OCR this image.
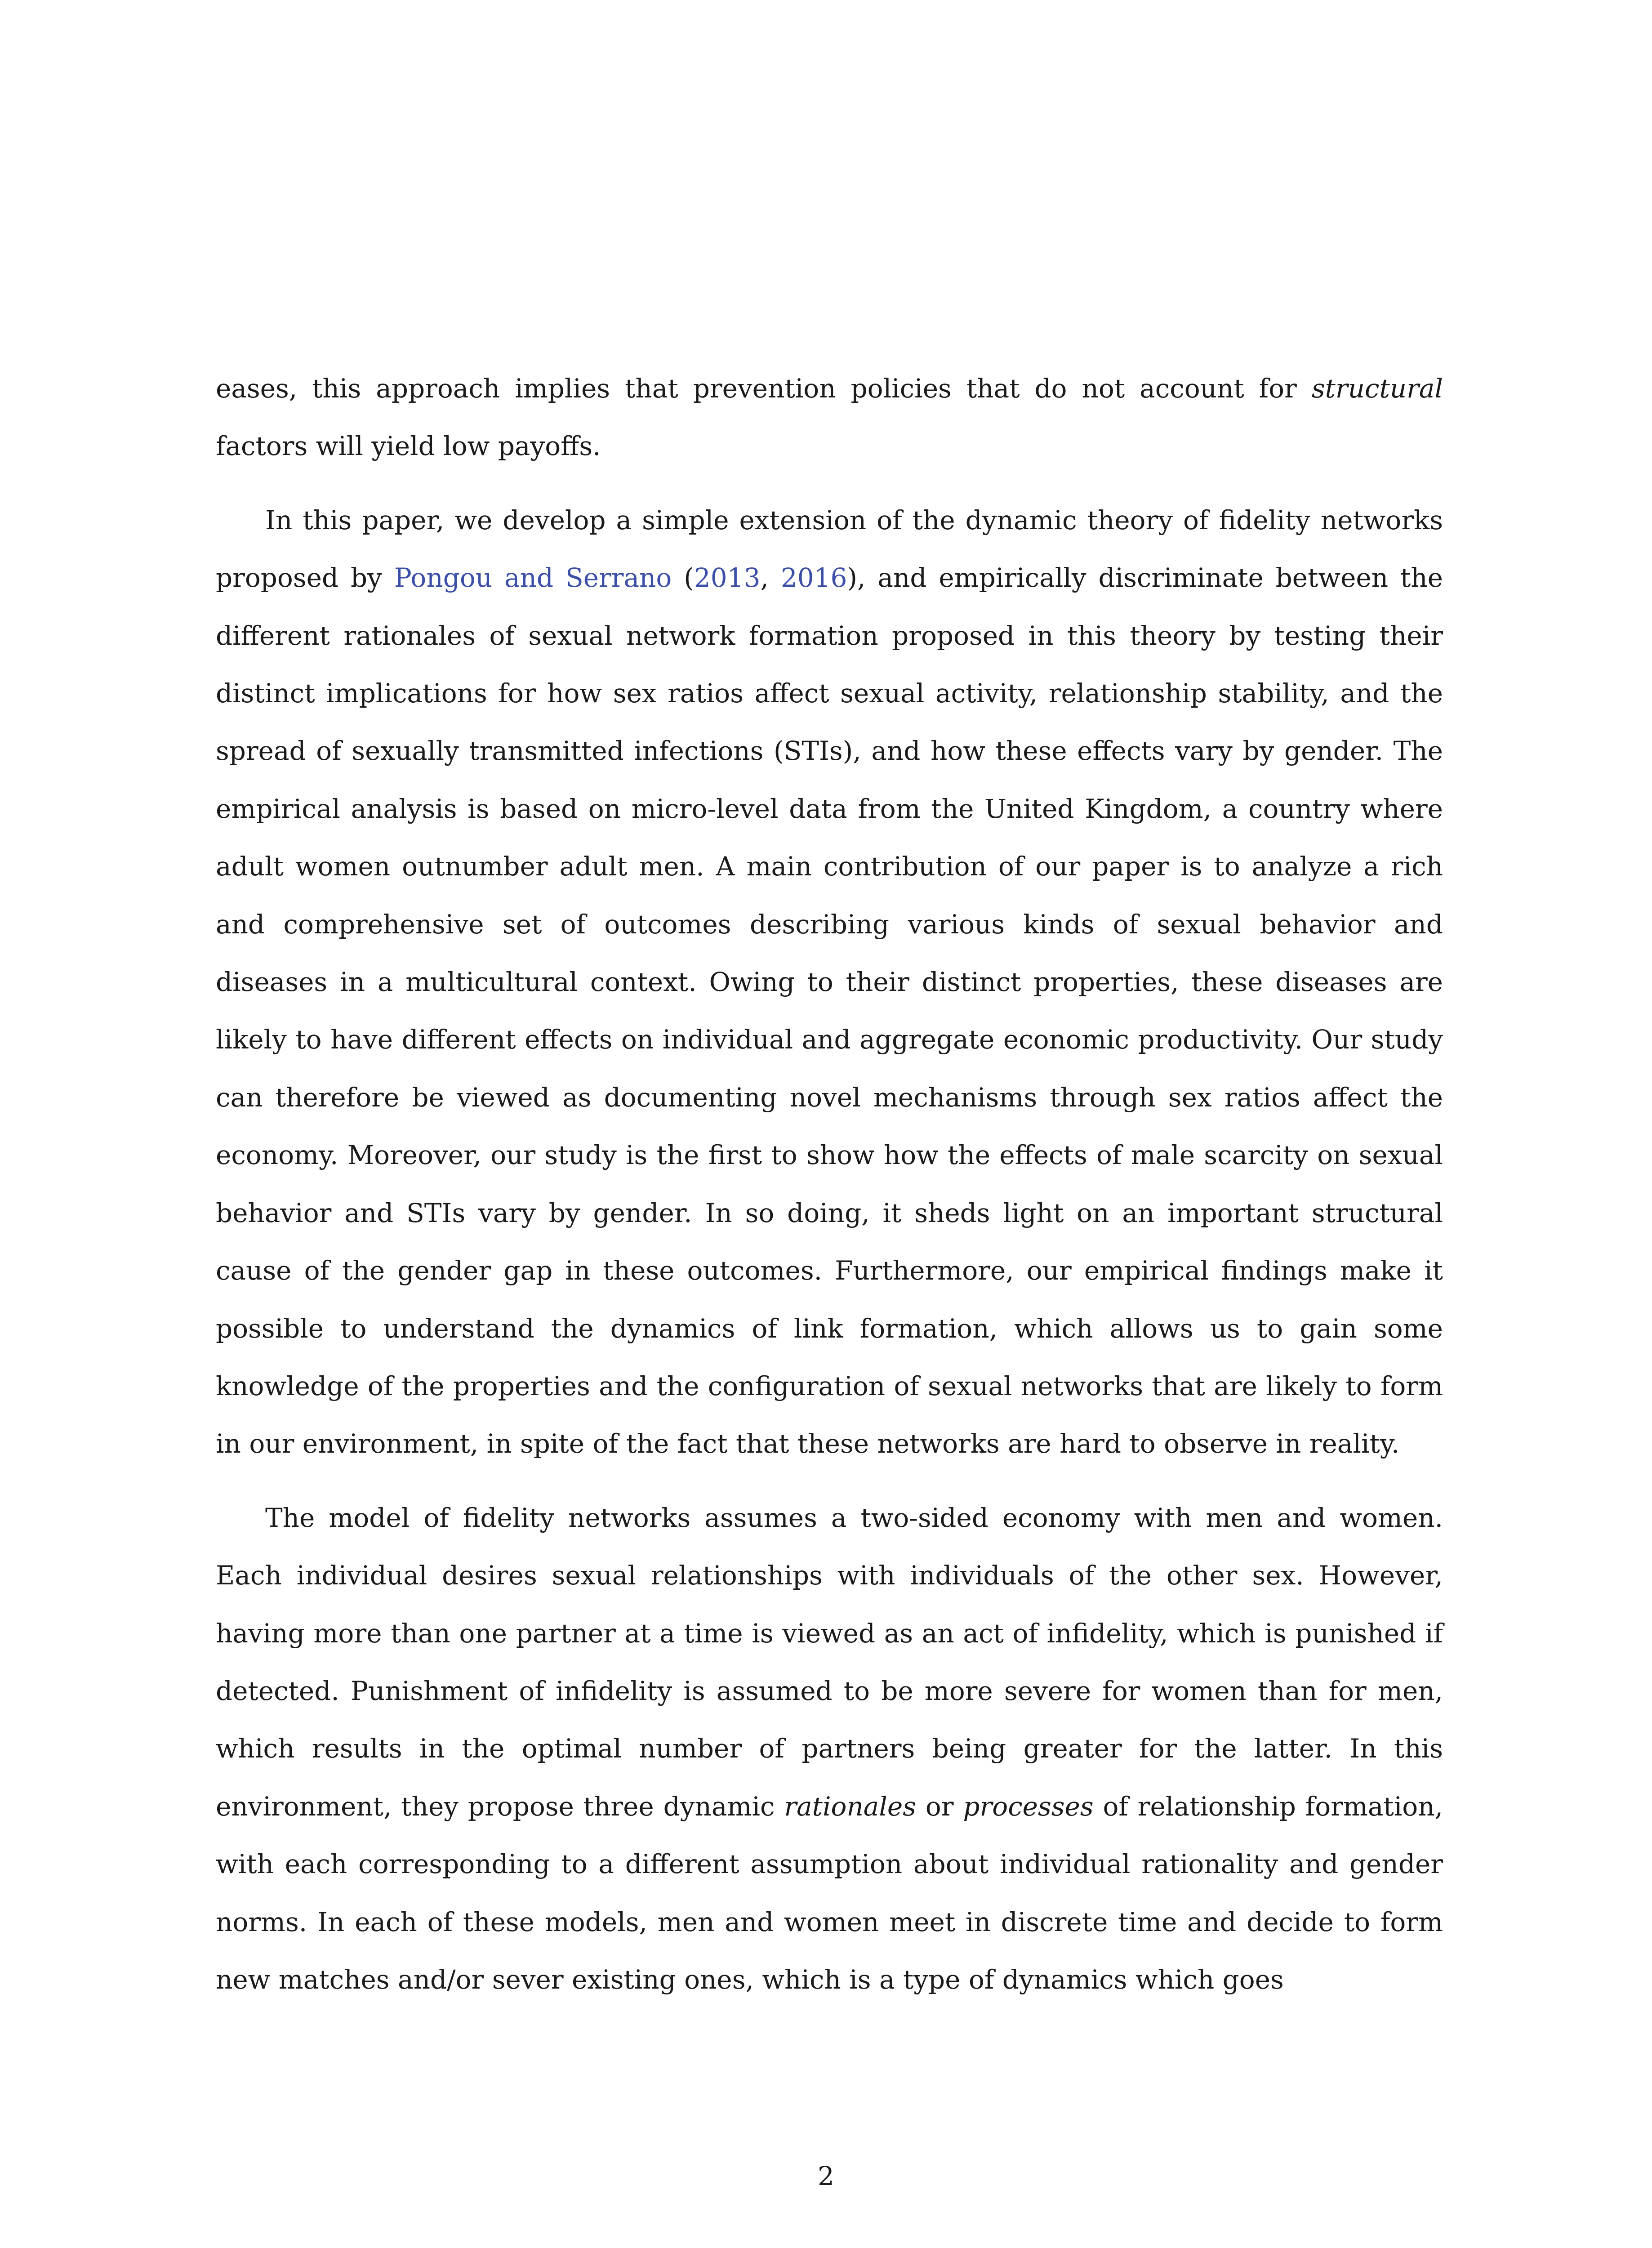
eases, this approach implies that prevention policies that do not account for structural factors will yield low payoffs.

In this paper, we develop a simple extension of the dynamic theory of fidelity networks proposed by Pongou and Serrano (2013, 2016), and empirically discriminate between the different rationales of sexual network formation proposed in this theory by testing their distinct implications for how sex ratios affect sexual activity, relationship stability, and the spread of sexually transmitted infections (STIs), and how these effects vary by gender. The empirical analysis is based on micro-level data from the United Kingdom, a country where adult women outnumber adult men. A main contribution of our paper is to analyze a rich and comprehensive set of outcomes describing various kinds of sexual behavior and diseases in a multicultural context. Owing to their distinct properties, these diseases are likely to have different effects on individual and aggregate economic productivity. Our study can therefore be viewed as documenting novel mechanisms through sex ratios affect the economy. Moreover, our study is the first to show how the effects of male scarcity on sexual behavior and STIs vary by gender. In so doing, it sheds light on an important structural cause of the gender gap in these outcomes. Furthermore, our empirical findings make it possible to understand the dynamics of link formation, which allows us to gain some knowledge of the properties and the configuration of sexual networks that are likely to form in our environment, in spite of the fact that these networks are hard to observe in reality.

The model of fidelity networks assumes a two-sided economy with men and women. Each individual desires sexual relationships with individuals of the other sex. However, having more than one partner at a time is viewed as an act of infidelity, which is punished if detected. Punishment of infidelity is assumed to be more severe for women than for men, which results in the optimal number of partners being greater for the latter. In this environment, they propose three dynamic rationales or processes of relationship formation, with each corresponding to a different assumption about individual rationality and gender norms. In each of these models, men and women meet in discrete time and decide to form new matches and/or sever existing ones, which is a type of dynamics which goes

2
